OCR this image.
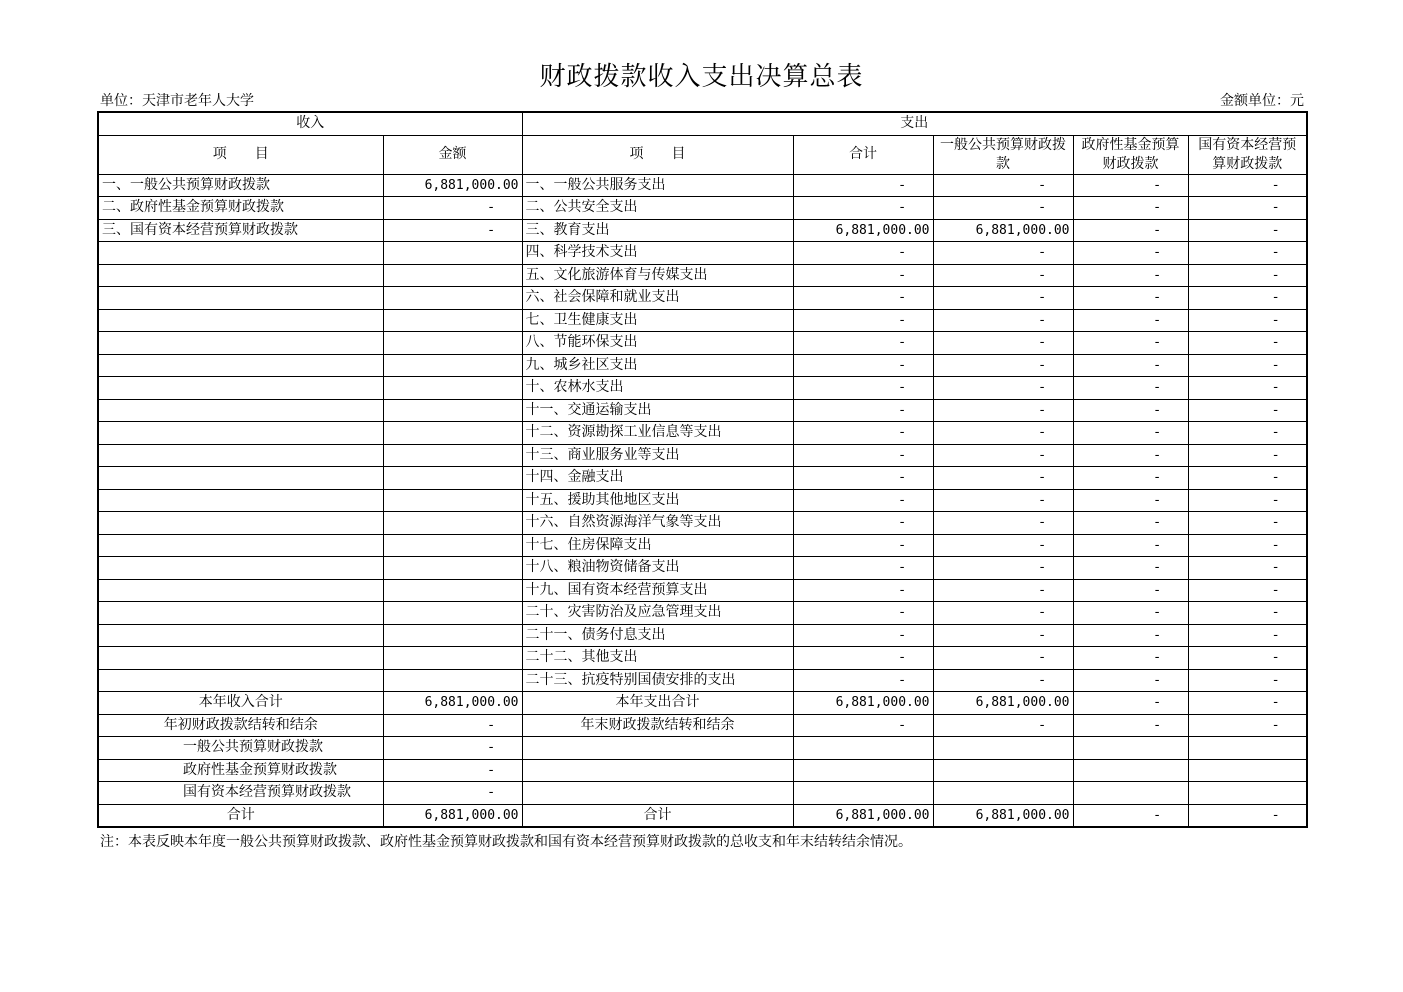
财政拨款收入支出决算总表
单位：天津市老年人大学	金额单位：元
收入		支出				
项　　目	金额	项　　目	合计	一般公共预算财政拨款	政府性基金预算财政拨款	国有资本经营预算财政拨款
一、一般公共预算财政拨款	6,881,000.00	一、一般公共服务支出	-	-	-	-
二、政府性基金预算财政拨款	-	二、公共安全支出	-	-	-	-
三、国有资本经营预算财政拨款	-	三、教育支出	6,881,000.00	6,881,000.00	-	-
		四、科学技术支出	-	-	-	-
		五、文化旅游体育与传媒支出	-	-	-	-
		六、社会保障和就业支出	-	-	-	-
		七、卫生健康支出	-	-	-	-
		八、节能环保支出	-	-	-	-
		九、城乡社区支出	-	-	-	-
		十、农林水支出	-	-	-	-
		十一、交通运输支出	-	-	-	-
		十二、资源勘探工业信息等支出	-	-	-	-
		十三、商业服务业等支出	-	-	-	-
		十四、金融支出	-	-	-	-
		十五、援助其他地区支出	-	-	-	-
		十六、自然资源海洋气象等支出	-	-	-	-
		十七、住房保障支出	-	-	-	-
		十八、粮油物资储备支出	-	-	-	-
		十九、国有资本经营预算支出	-	-	-	-
		二十、灾害防治及应急管理支出	-	-	-	-
		二十一、债务付息支出	-	-	-	-
		二十二、其他支出	-	-	-	-
		二十三、抗疫特别国债安排的支出	-	-	-	-
本年收入合计	6,881,000.00	本年支出合计	6,881,000.00	6,881,000.00	-	-
年初财政拨款结转和结余	-	年末财政拨款结转和结余	-	-	-	-
一般公共预算财政拨款	-					
政府性基金预算财政拨款	-					
国有资本经营预算财政拨款	-					
合计	6,881,000.00	合计	6,881,000.00	6,881,000.00	-	-
注：本表反映本年度一般公共预算财政拨款、政府性基金预算财政拨款和国有资本经营预算财政拨款的总收支和年末结转结余情况。
